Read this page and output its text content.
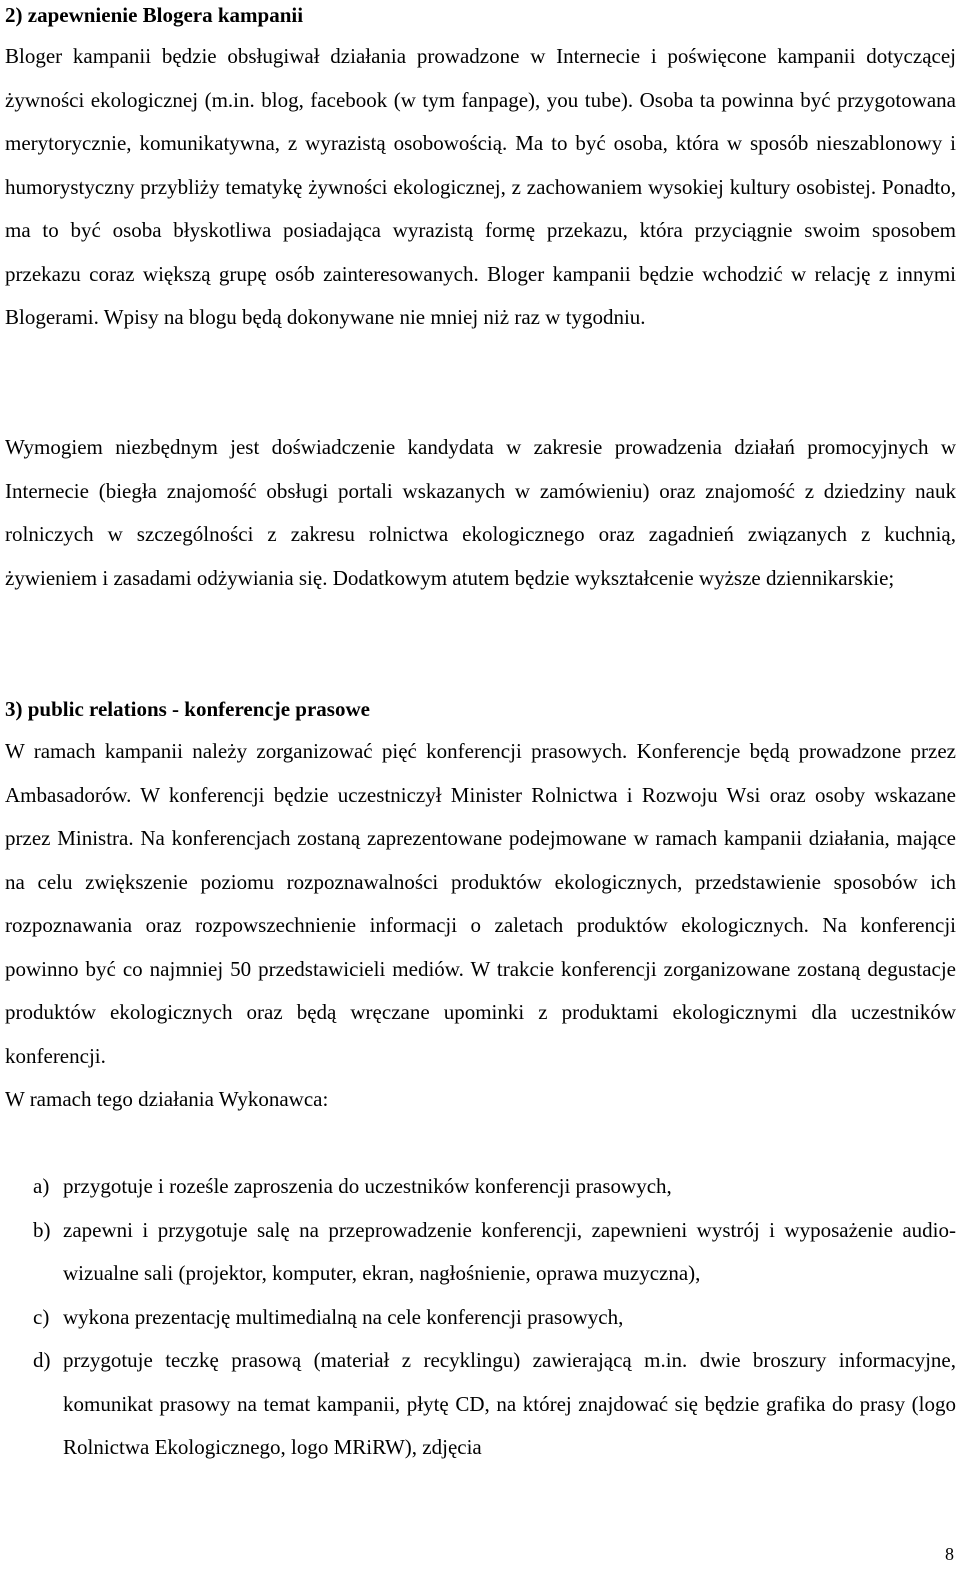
2) zapewnienie Blogera kampanii

Bloger kampanii będzie obsługiwał działania prowadzone w Internecie i poświęcone kampanii dotyczącej żywności ekologicznej (m.in. blog, facebook (w tym fanpage), you tube). Osoba ta powinna być przygotowana merytorycznie, komunikatywna, z wyrazistą osobowością. Ma to być osoba, która w sposób nieszablonowy i humorystyczny przybliży tematykę żywności ekologicznej, z zachowaniem wysokiej kultury osobistej. Ponadto, ma to być osoba błyskotliwa posiadająca wyrazistą formę przekazu, która przyciągnie swoim sposobem przekazu coraz większą grupę osób zainteresowanych. Bloger kampanii będzie wchodzić w relację z innymi Blogerami. Wpisy na blogu będą dokonywane nie mniej niż raz w tygodniu.

Wymogiem niezbędnym jest doświadczenie kandydata w zakresie prowadzenia działań promocyjnych w Internecie (biegła znajomość obsługi portali wskazanych w zamówieniu) oraz znajomość z dziedziny nauk rolniczych w szczególności z zakresu rolnictwa ekologicznego oraz zagadnień związanych z kuchnią, żywieniem i zasadami odżywiania się. Dodatkowym atutem będzie wykształcenie wyższe dziennikarskie;

3) public relations - konferencje prasowe

W ramach kampanii należy zorganizować pięć konferencji prasowych. Konferencje będą prowadzone przez Ambasadorów. W konferencji będzie uczestniczył Minister Rolnictwa i Rozwoju Wsi oraz osoby wskazane przez Ministra. Na konferencjach zostaną zaprezentowane podejmowane w ramach kampanii działania, mające na celu zwiększenie poziomu rozpoznawalności produktów ekologicznych, przedstawienie sposobów ich rozpoznawania oraz rozpowszechnienie informacji o zaletach produktów ekologicznych. Na konferencji powinno być co najmniej 50 przedstawicieli mediów. W trakcie konferencji zorganizowane zostaną degustacje produktów ekologicznych oraz będą wręczane upominki z produktami ekologicznymi dla uczestników konferencji.

W ramach tego działania Wykonawca:

a) przygotuje i roześle zaproszenia do uczestników konferencji prasowych,
b) zapewni i przygotuje salę na przeprowadzenie konferencji, zapewnieni wystrój i wyposażenie audio-wizualne sali (projektor, komputer, ekran, nagłośnienie, oprawa muzyczna),
c) wykona prezentację multimedialną na cele konferencji prasowych,
d) przygotuje teczkę prasową (materiał z recyklingu) zawierającą m.in. dwie broszury informacyjne, komunikat prasowy na temat kampanii, płytę CD, na której znajdować się będzie grafika do prasy (logo Rolnictwa Ekologicznego, logo MRiRW), zdjęcia
8
